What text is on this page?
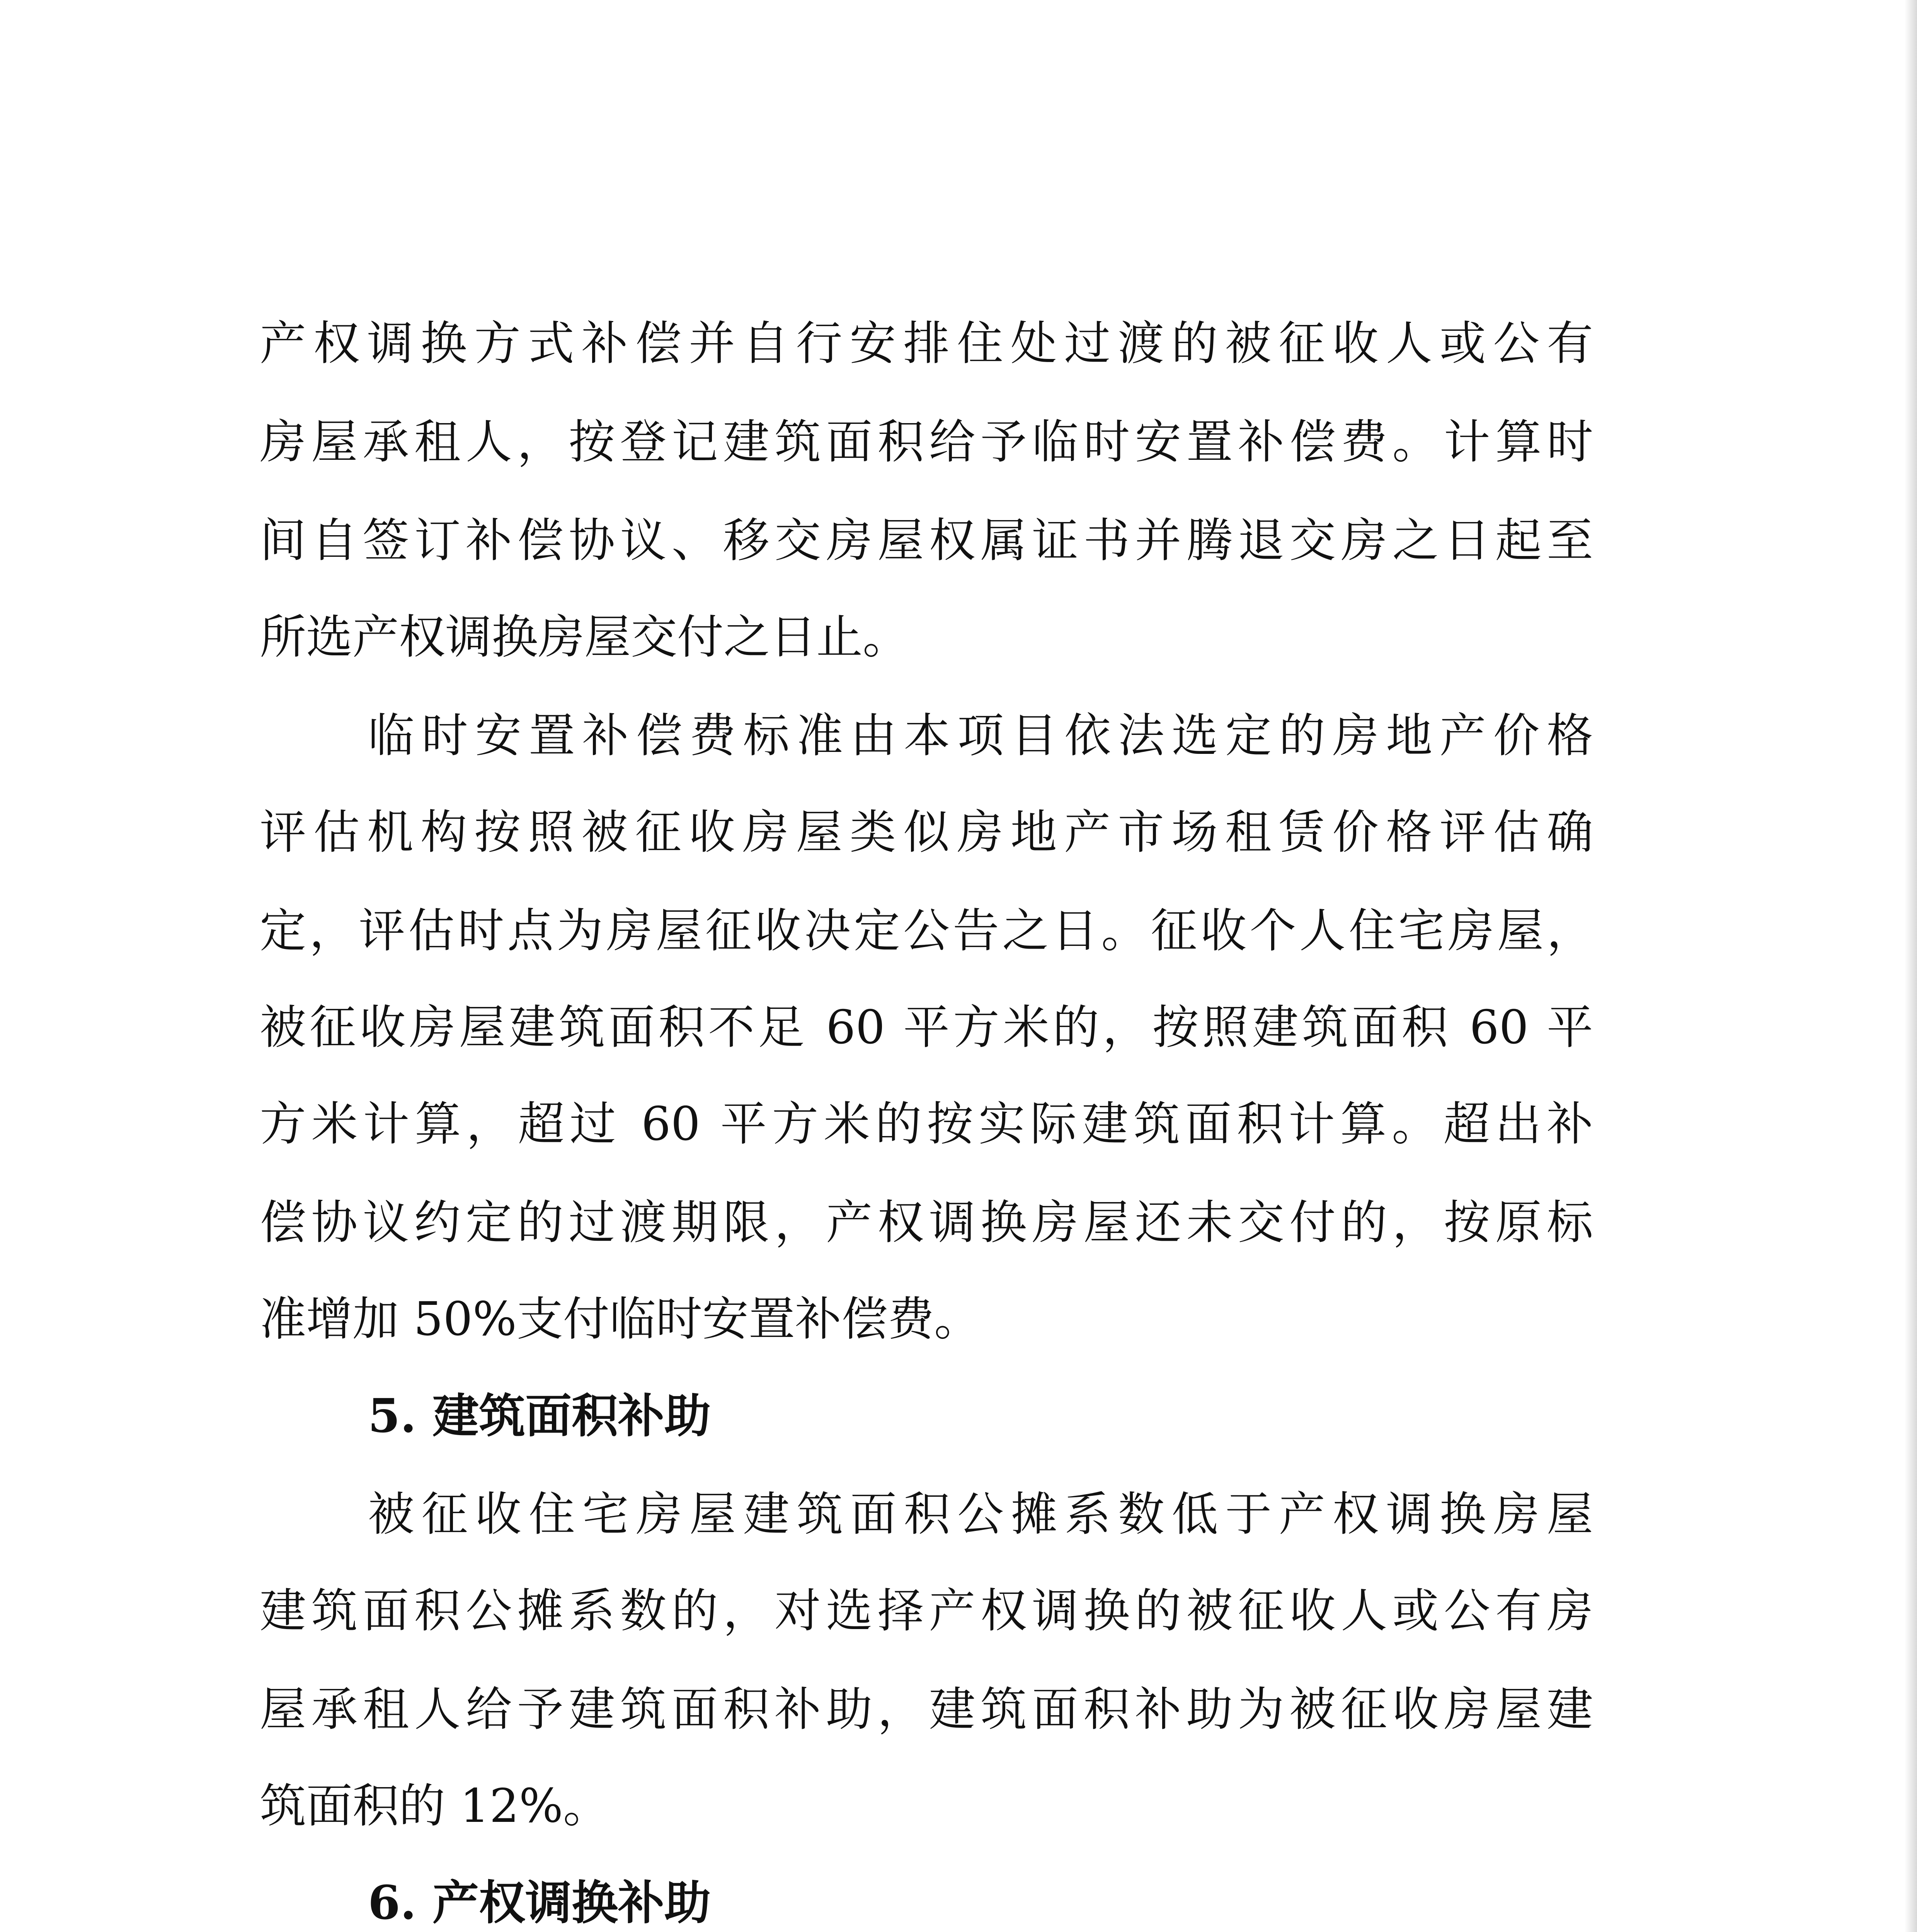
产权调换方式补偿并自行安排住处过渡的被征收人或公有
房屋承租人，按登记建筑面积给予临时安置补偿费。计算时
间自签订补偿协议、移交房屋权属证书并腾退交房之日起至
所选产权调换房屋交付之日止。
临时安置补偿费标准由本项目依法选定的房地产价格
评估机构按照被征收房屋类似房地产市场租赁价格评估确
定，评估时点为房屋征收决定公告之日。征收个人住宅房屋，
被征收房屋建筑面积不足 60 平方米的，按照建筑面积 60 平
方米计算，超过 60 平方米的按实际建筑面积计算。超出补
偿协议约定的过渡期限，产权调换房屋还未交付的，按原标
准增加 50%支付临时安置补偿费。
5. 建筑面积补助
被征收住宅房屋建筑面积公摊系数低于产权调换房屋
建筑面积公摊系数的，对选择产权调换的被征收人或公有房
屋承租人给予建筑面积补助，建筑面积补助为被征收房屋建
筑面积的 12%。
6. 产权调换补助
